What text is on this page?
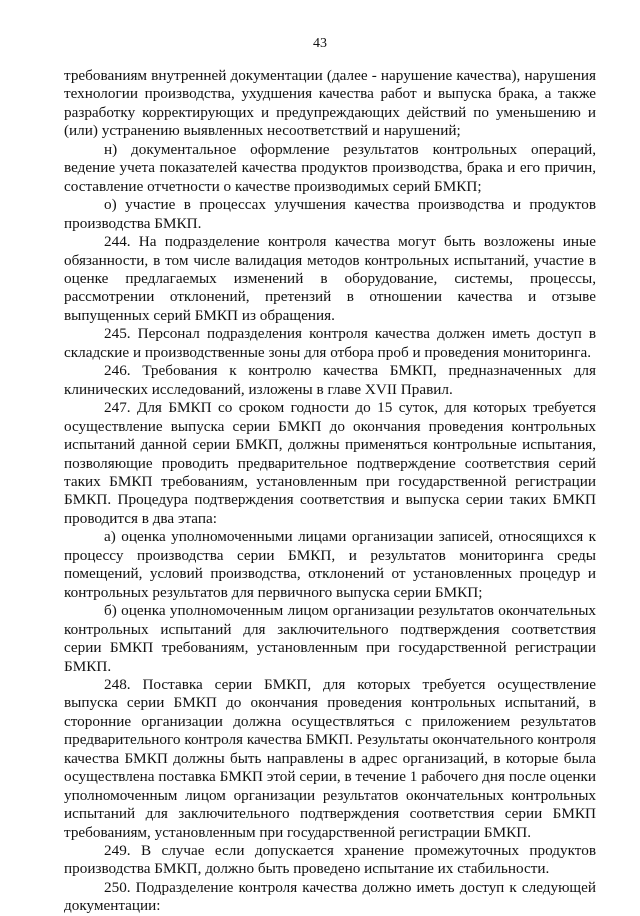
43

требованиям внутренней документации (далее - нарушение качества), нарушения технологии производства, ухудшения качества работ и выпуска брака, а также разработку корректирующих и предупреждающих действий по уменьшению и (или) устранению выявленных несоответствий и нарушений;

н) документальное оформление результатов контрольных операций, ведение учета показателей качества продуктов производства, брака и его причин, составление отчетности о качестве производимых серий БМКП;

о) участие в процессах улучшения качества производства и продуктов производства БМКП.

244. На подразделение контроля качества могут быть возложены иные обязанности, в том числе валидация методов контрольных испытаний, участие в оценке предлагаемых изменений в оборудование, системы, процессы, рассмотрении отклонений, претензий в отношении качества и отзыве выпущенных серий БМКП из обращения.

245. Персонал подразделения контроля качества должен иметь доступ в складские и производственные зоны для отбора проб и проведения мониторинга.

246. Требования к контролю качества БМКП, предназначенных для клинических исследований, изложены в главе XVII Правил.

247. Для БМКП со сроком годности до 15 суток, для которых требуется осуществление выпуска серии БМКП до окончания проведения контрольных испытаний данной серии БМКП, должны применяться контрольные испытания, позволяющие проводить предварительное подтверждение соответствия серий таких БМКП требованиям, установленным при государственной регистрации БМКП. Процедура подтверждения соответствия и выпуска серии таких БМКП проводится в два этапа:

а) оценка уполномоченными лицами организации записей, относящихся к процессу производства серии БМКП, и результатов мониторинга среды помещений, условий производства, отклонений от установленных процедур и контрольных результатов для первичного выпуска серии БМКП;

б) оценка уполномоченным лицом организации результатов окончательных контрольных испытаний для заключительного подтверждения соответствия серии БМКП требованиям, установленным при государственной регистрации БМКП.

248. Поставка серии БМКП, для которых требуется осуществление выпуска серии БМКП до окончания проведения контрольных испытаний, в сторонние организации должна осуществляться с приложением результатов предварительного контроля качества БМКП. Результаты окончательного контроля качества БМКП должны быть направлены в адрес организаций, в которые была осуществлена поставка БМКП этой серии, в течение 1 рабочего дня после оценки уполномоченным лицом организации результатов окончательных контрольных испытаний для заключительного подтверждения соответствия серии БМКП требованиям, установленным при государственной регистрации БМКП.

249. В случае если допускается хранение промежуточных продуктов производства БМКП, должно быть проведено испытание их стабильности.

250. Подразделение контроля качества должно иметь доступ к следующей документации:
